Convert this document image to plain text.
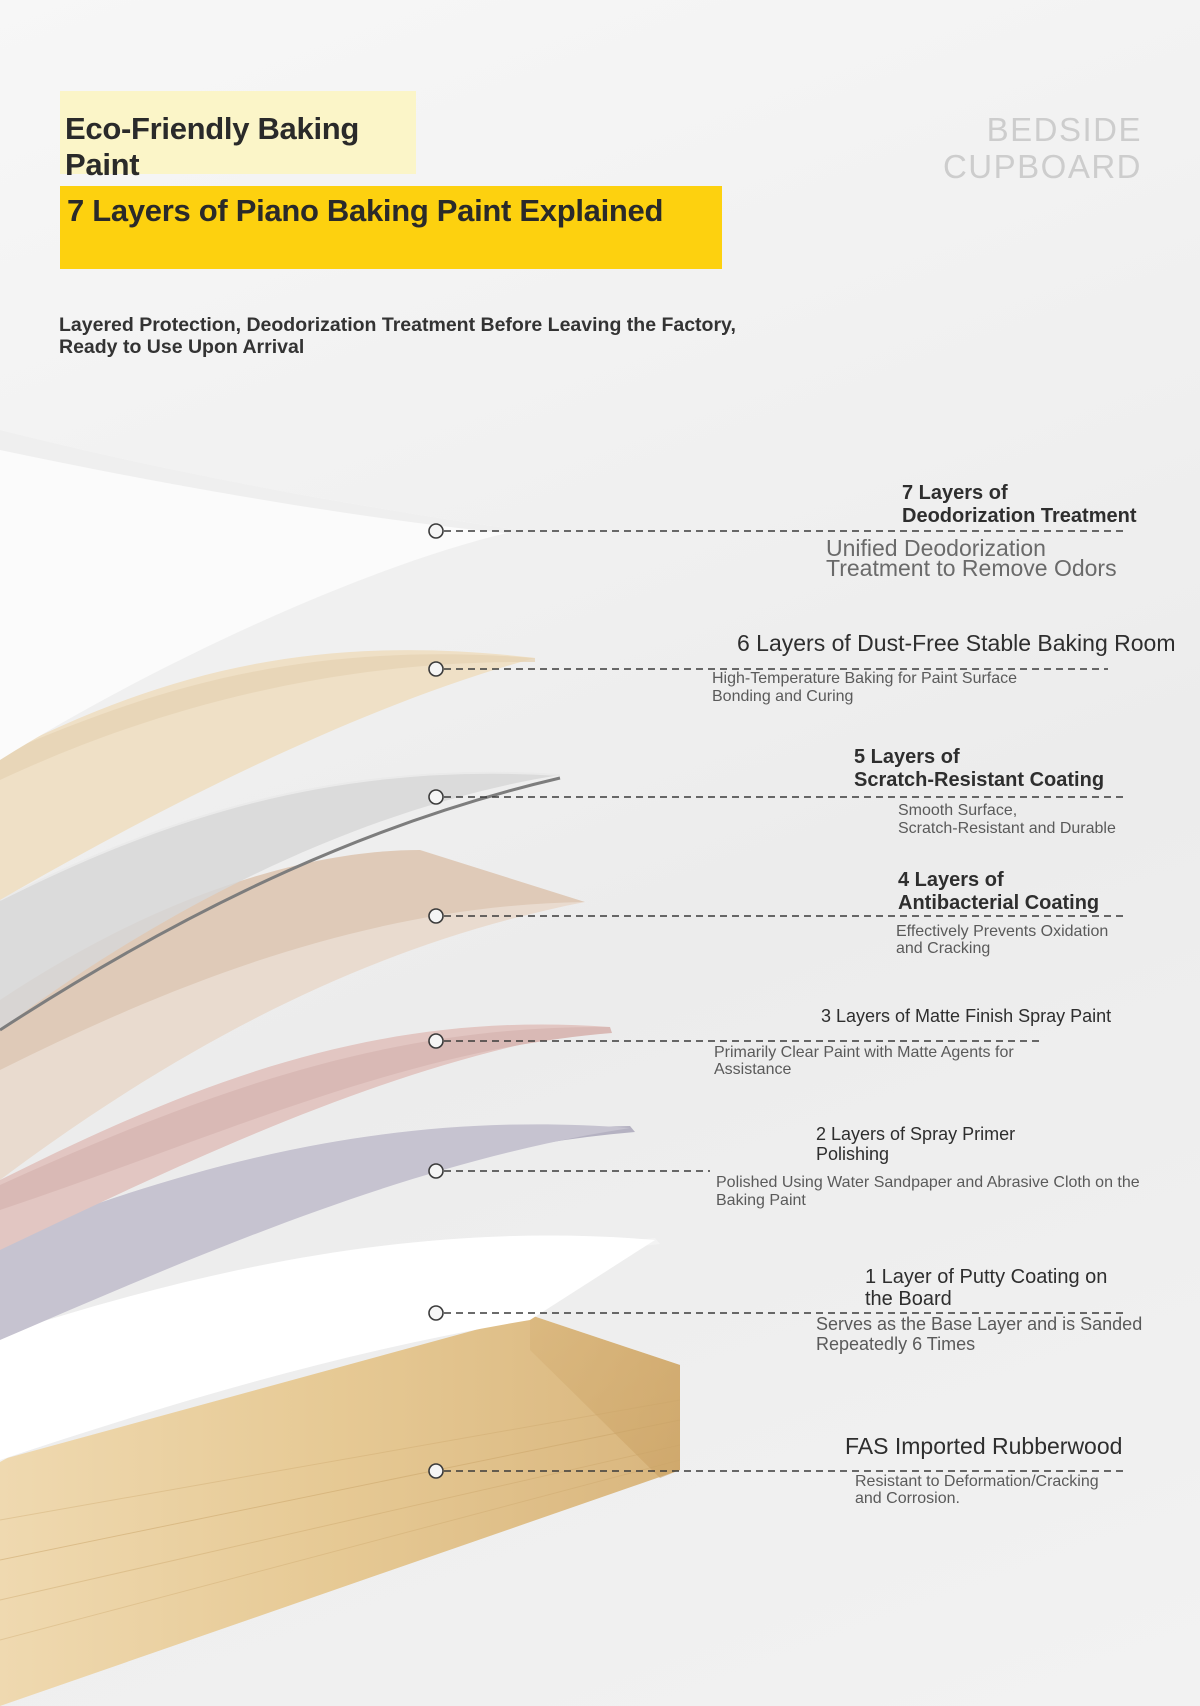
Eco-Friendly Baking Paint
7 Layers of Piano Baking Paint Explained
BEDSIDE
CUPBOARD
Layered Protection, Deodorization Treatment Before Leaving the Factory, Ready to Use Upon Arrival
7 Layers of
Deodorization Treatment
Unified Deodorization
Treatment to Remove Odors
6 Layers of Dust-Free Stable Baking Room
High-Temperature Baking for Paint Surface
Bonding and Curing
5 Layers of
Scratch-Resistant Coating
Smooth Surface,
Scratch-Resistant and Durable
4 Layers of
Antibacterial Coating
Effectively Prevents Oxidation
and Cracking
3 Layers of Matte Finish Spray Paint
Primarily Clear Paint with Matte Agents for
Assistance
2 Layers of Spray Primer
Polishing
Polished Using Water Sandpaper and Abrasive Cloth on the
Baking Paint
1 Layer of Putty Coating on
the Board
Serves as the Base Layer and is Sanded
Repeatedly 6 Times
FAS Imported Rubberwood
Resistant to Deformation/Cracking
and Corrosion.
